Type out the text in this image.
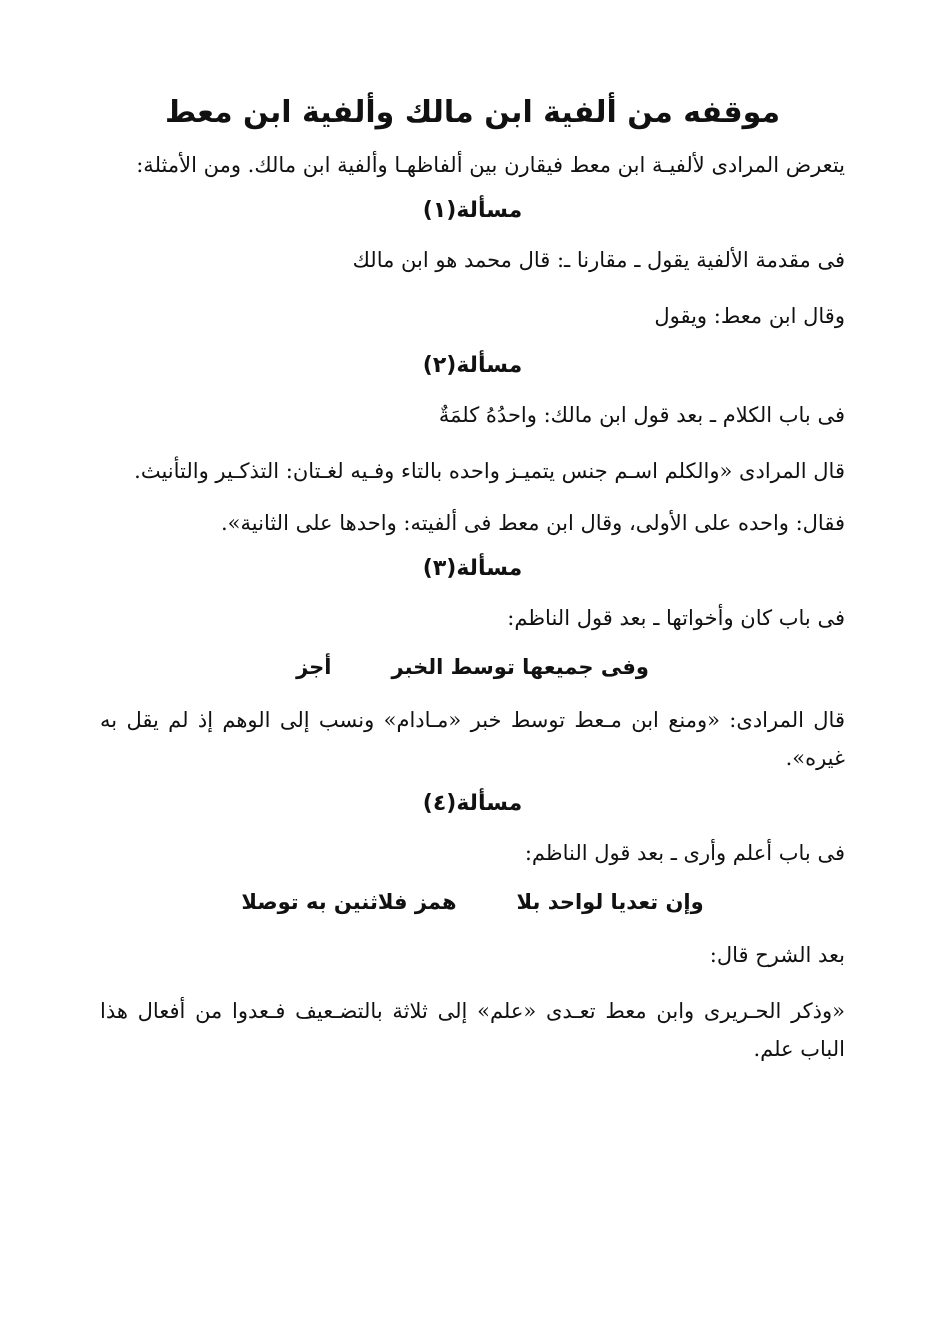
موقفه من ألفية ابن مالك وألفية ابن معط

يتعرض المرادى لألفيـة ابن معط فيقارن بين ألفاظهـا وألفية ابن مالك. ومن الأمثلة:

مسألة(١)

فى مقدمة الألفية يقول ـ مقارنا ـ: قال محمد هو ابن مالك

وقال ابن معط: ويقول

مسألة(٢)

فى باب الكلام ـ بعد قول ابن مالك: واحدُهُ كلمَةٌ

قال المرادى «والكلم اسـم جنس يتميـز واحده بالتاء وفـيه لغـتان: التذكـير والتأنيث.

فقال: واحده على الأولى، وقال ابن معط فى ألفيته: واحدها على الثانية».

مسألة(٣)

فى باب كان وأخواتها ـ بعد قول الناظم:

وفى جميعها توسط الخبر
أجز

قال المرادى: «ومنع ابن مـعط توسط خبر «مـادام» ونسب إلى الوهم إذ لم يقل به غيره».

مسألة(٤)

فى باب أعلم وأرى ـ بعد قول الناظم:

وإن تعديا لواحد بلا
همز فلاثنين به توصلا

بعد الشرح قال:

«وذكر الحـريرى وابن معط تعـدى «علم» إلى ثلاثة بالتضـعيف فـعدوا من أفعال هذا الباب علم.
